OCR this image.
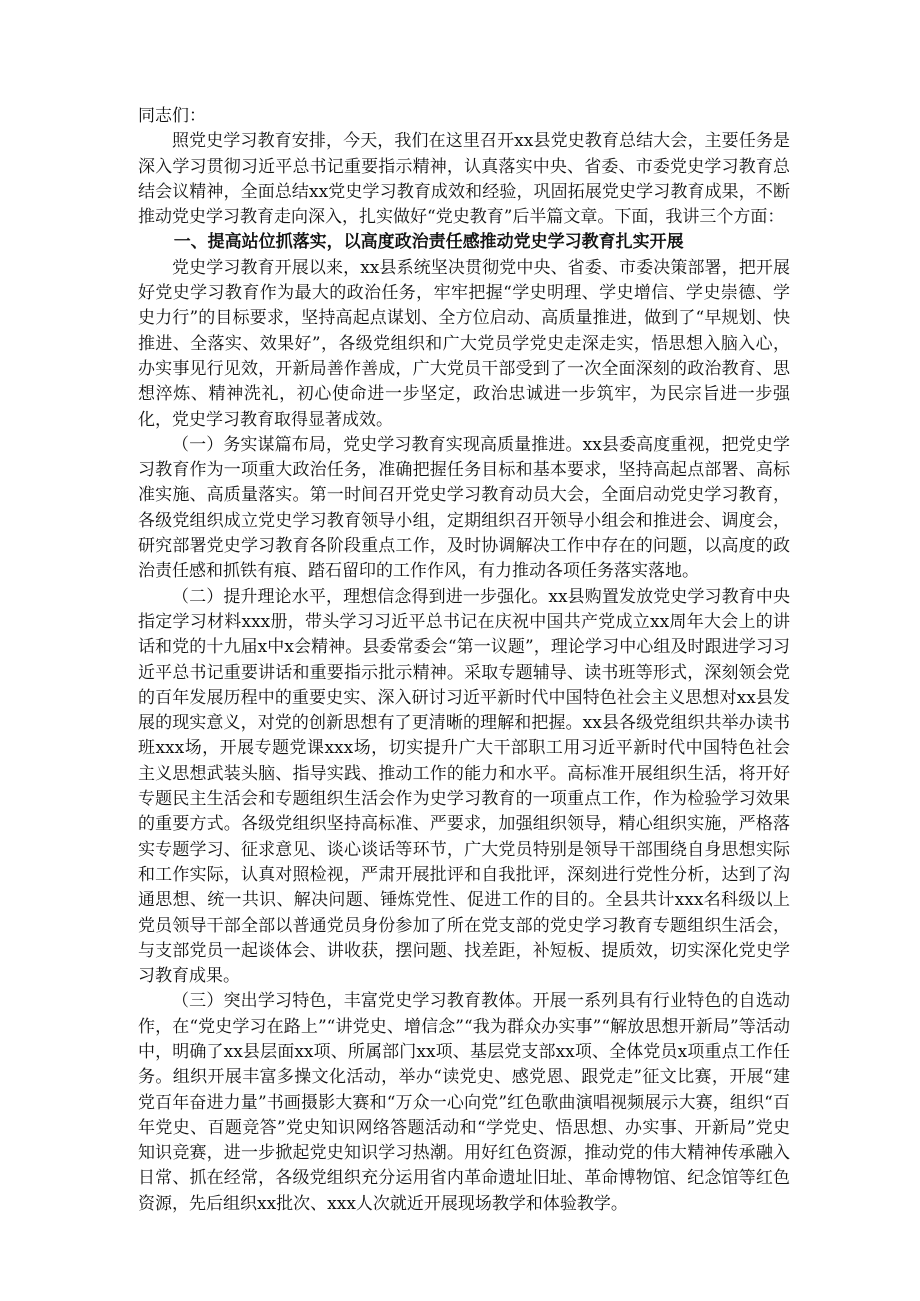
同志们：

照党史学习教育安排，今天，我们在这里召开xx县党史教育总结大会，主要任务是深入学习贯彻习近平总书记重要指示精神，认真落实中央、省委、市委党史学习教育总结会议精神，全面总结xx党史学习教育成效和经验，巩固拓展党史学习教育成果，不断推动党史学习教育走向深入，扎实做好“党史教育”后半篇文章。下面，我讲三个方面：

一、提高站位抓落实，以高度政治责任感推动党史学习教育扎实开展

党史学习教育开展以来，xx县系统坚决贯彻党中央、省委、市委决策部署，把开展好党史学习教育作为最大的政治任务，牢牢把握“学史明理、学史增信、学史崇德、学史力行”的目标要求，坚持高起点谋划、全方位启动、高质量推进，做到了“早规划、快推进、全落实、效果好”，各级党组织和广大党员学党史走深走实，悟思想入脑入心，办实事见行见效，开新局善作善成，广大党员干部受到了一次全面深刻的政治教育、思想淬炼、精神洗礼，初心使命进一步坚定，政治忠诚进一步筑牢，为民宗旨进一步强化，党史学习教育取得显著成效。

（一）务实谋篇布局，党史学习教育实现高质量推进。xx县委高度重视，把党史学习教育作为一项重大政治任务，准确把握任务目标和基本要求，坚持高起点部署、高标准实施、高质量落实。第一时间召开党史学习教育动员大会，全面启动党史学习教育，各级党组织成立党史学习教育领导小组，定期组织召开领导小组会和推进会、调度会，研究部署党史学习教育各阶段重点工作，及时协调解决工作中存在的问题，以高度的政治责任感和抓铁有痕、踏石留印的工作作风，有力推动各项任务落实落地。

（二）提升理论水平，理想信念得到进一步强化。xx县购置发放党史学习教育中央指定学习材料xxx册，带头学习习近平总书记在庆祝中国共产党成立xx周年大会上的讲话和党的十九届x中x会精神。县委常委会“第一议题”，理论学习中心组及时跟进学习习近平总书记重要讲话和重要指示批示精神。采取专题辅导、读书班等形式，深刻领会党的百年发展历程中的重要史实、深入研讨习近平新时代中国特色社会主义思想对xx县发展的现实意义，对党的创新思想有了更清晰的理解和把握。xx县各级党组织共举办读书班xxx场，开展专题党课xxx场，切实提升广大干部职工用习近平新时代中国特色社会主义思想武装头脑、指导实践、推动工作的能力和水平。高标准开展组织生活，将开好专题民主生活会和专题组织生活会作为史学习教育的一项重点工作，作为检验学习效果的重要方式。各级党组织坚持高标准、严要求，加强组织领导，精心组织实施，严格落实专题学习、征求意见、谈心谈话等环节，广大党员特别是领导干部围绕自身思想实际和工作实际，认真对照检视，严肃开展批评和自我批评，深刻进行党性分析，达到了沟通思想、统一共识、解决问题、锤炼党性、促进工作的目的。全县共计xxx名科级以上党员领导干部全部以普通党员身份参加了所在党支部的党史学习教育专题组织生活会，与支部党员一起谈体会、讲收获，摆问题、找差距，补短板、提质效，切实深化党史学习教育成果。

（三）突出学习特色，丰富党史学习教育教体。开展一系列具有行业特色的自选动作，在“党史学习在路上”“讲党史、增信念”“我为群众办实事”“解放思想开新局”等活动中，明确了xx县层面xx项、所属部门xx项、基层党支部xx项、全体党员x项重点工作任务。组织开展丰富多操文化活动，举办“读党史、感党恩、跟党走”征文比赛，开展“建党百年奋进力量”书画摄影大赛和“万众一心向党”红色歌曲演唱视频展示大赛，组织“百年党史、百题竞答”党史知识网络答题活动和“学党史、悟思想、办实事、开新局”党史知识竞赛，进一步掀起党史知识学习热潮。用好红色资源，推动党的伟大精神传承融入日常、抓在经常，各级党组织充分运用省内革命遗址旧址、革命博物馆、纪念馆等红色资源，先后组织xx批次、xxx人次就近开展现场教学和体验教学。
